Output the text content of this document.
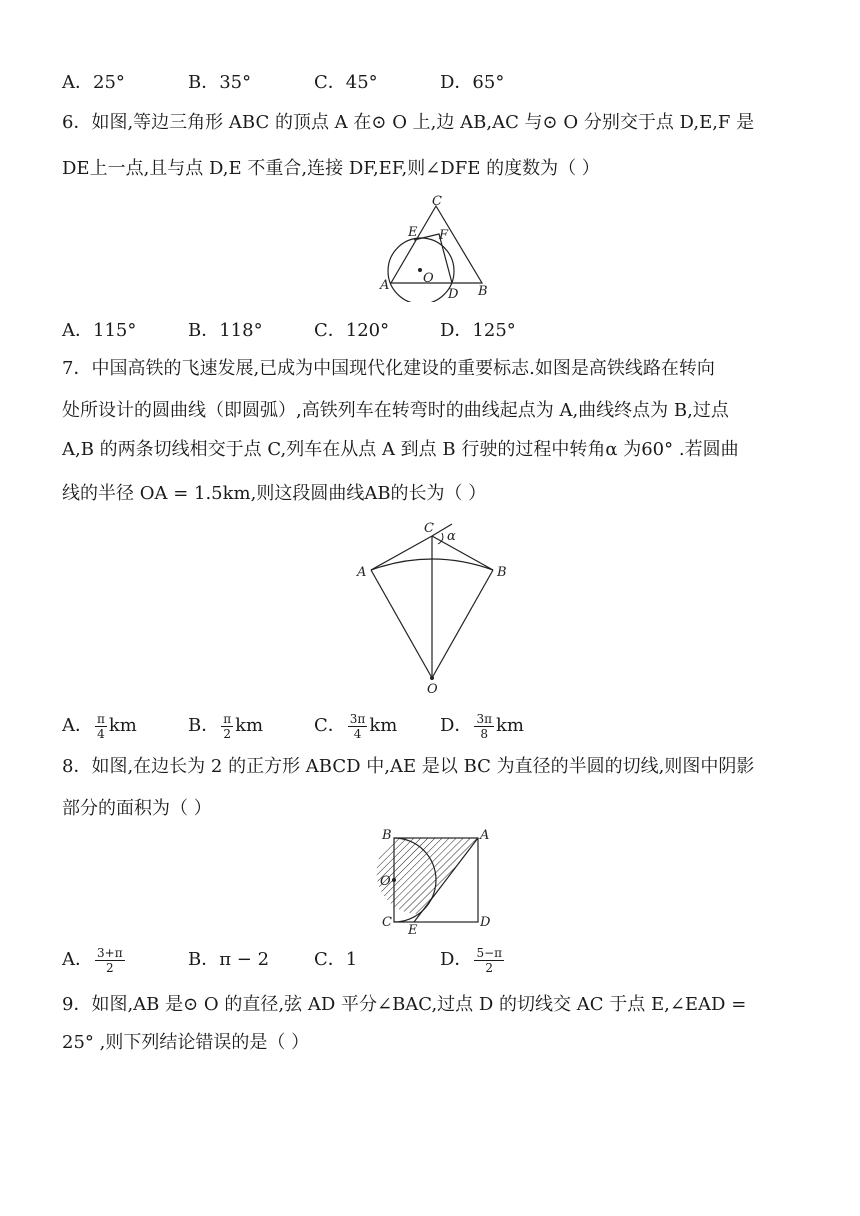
A．25°	B．35°	C．45°	D．65°
6．如图,等边三角形 ABC 的顶点 A 在⊙ O 上,边 AB,AC 与⊙ O 分别交于点 D,E,F 是
DE上一点,且与点 D,E 不重合,连接 DF,EF,则∠DFE 的度数为（ ）
C
E F
O
A
D B
A．115°	B．118°	C．120°	D．125°
7．中国高铁的飞速发展,已成为中国现代化建设的重要标志.如图是高铁线路在转向
处所设计的圆曲线（即圆弧）,高铁列车在转弯时的曲线起点为 A,曲线终点为 B,过点
A,B 的两条切线相交于点 C,列车在从点 A 到点 B 行驶的过程中转角α 为60° .若圆曲
线的半径 OA = 1.5km,则这段圆曲线AB的长为（ ）
C
α
A	B
O
A． $\frac{\pi}{4}$ km	B． $\frac{\pi}{2}$ km	C． $\frac{3\pi}{4}$ km D． $\frac{3\pi}{8}$ km
8．如图,在边长为 2 的正方形 ABCD 中,AE 是以 BC 为直径的半圆的切线,则图中阴影
部分的面积为（ ）
B	A
O
C
E
D
A． $\frac{3+\pi}{2}$	B．π − 2 C．1	D． $\frac{5-\pi}{2}$
9．如图,AB 是⊙ O 的直径,弦 AD 平分∠BAC,过点 D 的切线交 AC 于点 E,∠EAD =
25° ,则下列结论错误的是（ ）
